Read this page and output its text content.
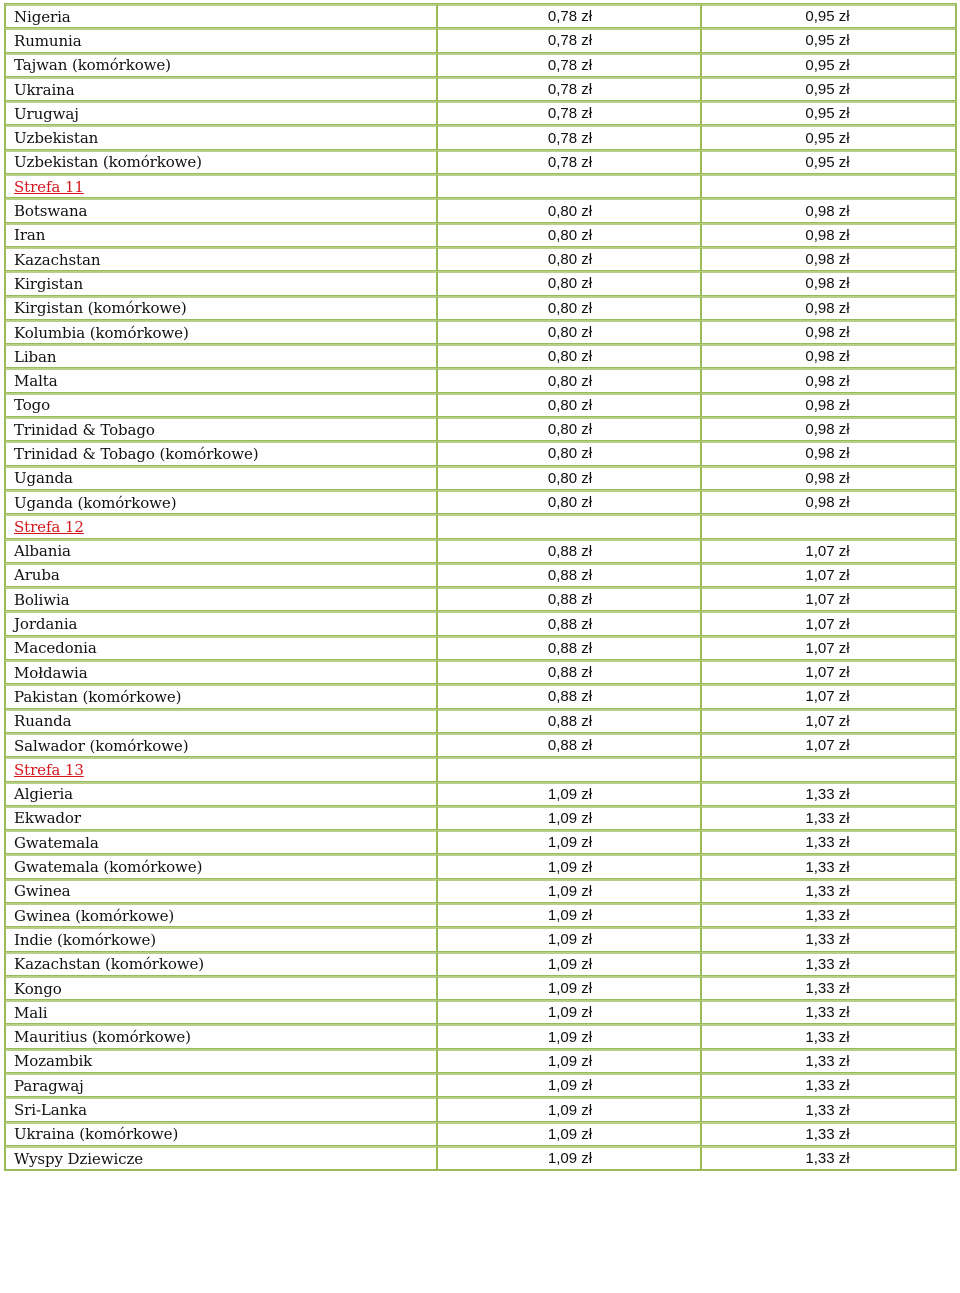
Nigeria	0,78 zł	0,95 zł
Rumunia	0,78 zł	0,95 zł
Tajwan (komórkowe)	0,78 zł	0,95 zł
Ukraina	0,78 zł	0,95 zł
Urugwaj	0,78 zł	0,95 zł
Uzbekistan	0,78 zł	0,95 zł
Uzbekistan (komórkowe)	0,78 zł	0,95 zł
Strefa 11		
Botswana	0,80 zł	0,98 zł
Iran	0,80 zł	0,98 zł
Kazachstan	0,80 zł	0,98 zł
Kirgistan	0,80 zł	0,98 zł
Kirgistan (komórkowe)	0,80 zł	0,98 zł
Kolumbia (komórkowe)	0,80 zł	0,98 zł
Liban	0,80 zł	0,98 zł
Malta	0,80 zł	0,98 zł
Togo	0,80 zł	0,98 zł
Trinidad & Tobago	0,80 zł	0,98 zł
Trinidad & Tobago (komórkowe)	0,80 zł	0,98 zł
Uganda	0,80 zł	0,98 zł
Uganda (komórkowe)	0,80 zł	0,98 zł
Strefa 12		
Albania	0,88 zł	1,07 zł
Aruba	0,88 zł	1,07 zł
Boliwia	0,88 zł	1,07 zł
Jordania	0,88 zł	1,07 zł
Macedonia	0,88 zł	1,07 zł
Mołdawia	0,88 zł	1,07 zł
Pakistan (komórkowe)	0,88 zł	1,07 zł
Ruanda	0,88 zł	1,07 zł
Salwador (komórkowe)	0,88 zł	1,07 zł
Strefa 13		
Algieria	1,09 zł	1,33 zł
Ekwador	1,09 zł	1,33 zł
Gwatemala	1,09 zł	1,33 zł
Gwatemala (komórkowe)	1,09 zł	1,33 zł
Gwinea	1,09 zł	1,33 zł
Gwinea (komórkowe)	1,09 zł	1,33 zł
Indie (komórkowe)	1,09 zł	1,33 zł
Kazachstan (komórkowe)	1,09 zł	1,33 zł
Kongo	1,09 zł	1,33 zł
Mali	1,09 zł	1,33 zł
Mauritius (komórkowe)	1,09 zł	1,33 zł
Mozambik	1,09 zł	1,33 zł
Paragwaj	1,09 zł	1,33 zł
Sri-Lanka	1,09 zł	1,33 zł
Ukraina (komórkowe)	1,09 zł	1,33 zł
Wyspy Dziewicze	1,09 zł	1,33 zł
